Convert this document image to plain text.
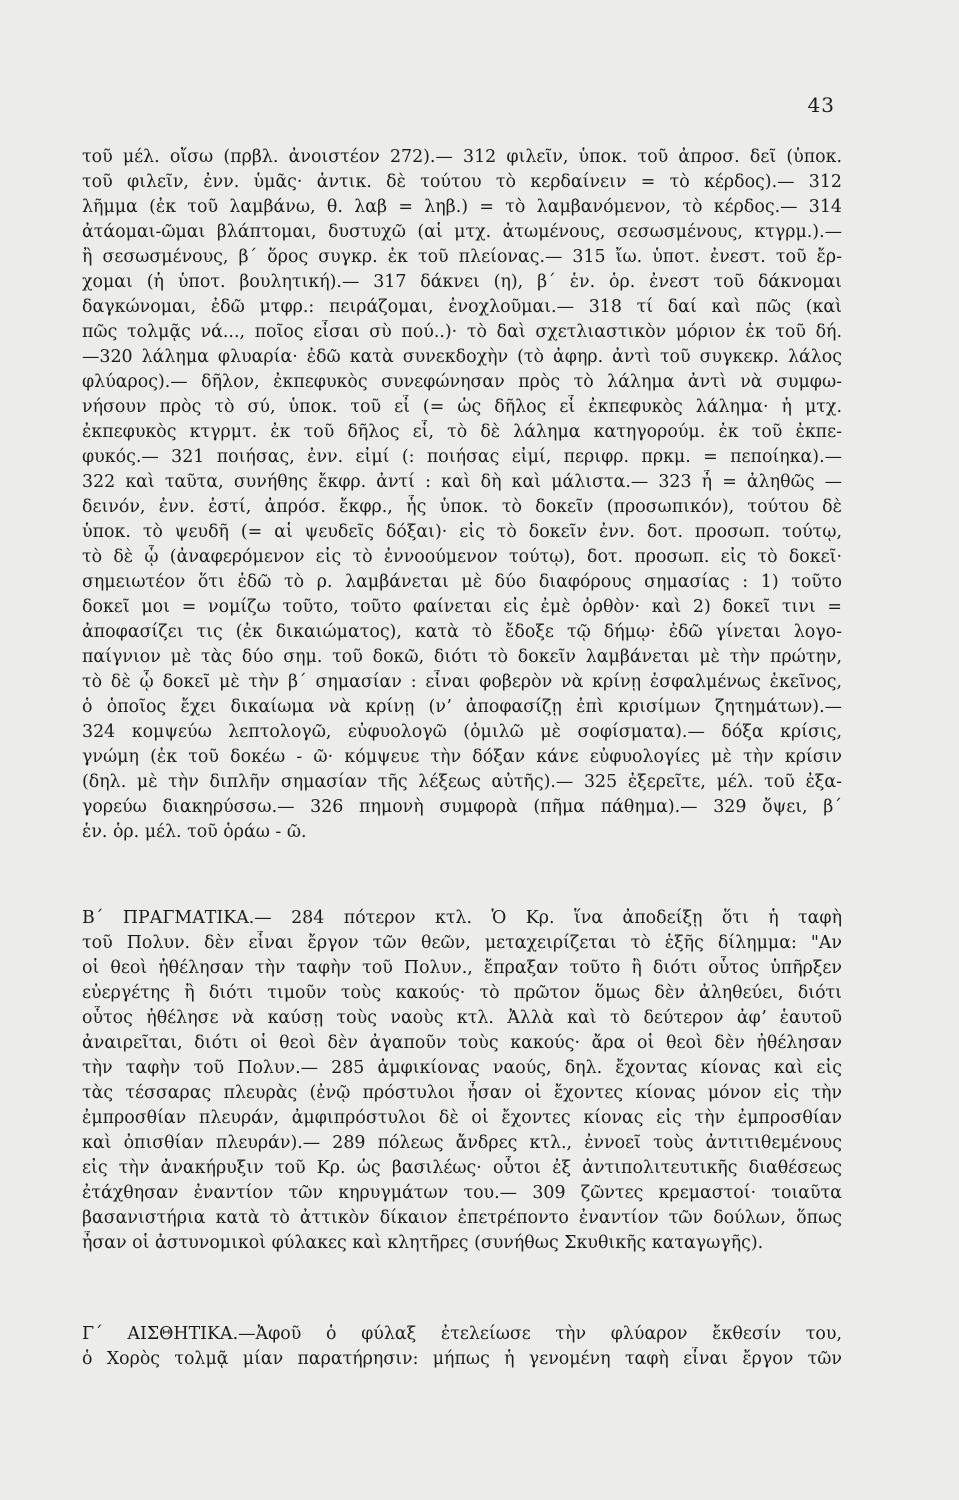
43
τοῦ μέλ. οἴσω (πρβλ. ἀνοιστέον 272).— 312 φιλεῖν, ὑποκ. τοῦ ἀπροσ. δεῖ (ὑποκ.
τοῦ φιλεῖν, ἐνν. ὑμᾶς· ἀντικ. δὲ τούτου τὸ κερδαίνειν = τὸ κέρδος).— 312
λῆμμα (ἐκ τοῦ λαμβάνω, θ. λαβ = ληβ.) = τὸ λαμβανόμενον, τὸ κέρδος.— 314
ἀτάομαι-ῶμαι βλάπτομαι, δυστυχῶ (αἱ μτχ. ἀτωμένους, σεσωσμένους, κτγρμ.).—
ἢ σεσωσμένους, β΄ ὅρος συγκρ. ἐκ τοῦ πλείονας.— 315 ἴω. ὑποτ. ἐνεστ. τοῦ ἔρ-
χομαι (ἡ ὑποτ. βουλητική).— 317 δάκνει (η), β΄ ἑν. ὁρ. ἐνεστ τοῦ δάκνομαι
δαγκώνομαι, ἐδῶ μτφρ.: πειράζομαι, ἐνοχλοῦμαι.— 318 τί δαί καὶ πῶς (καὶ
πῶς τολμᾷς νά..., ποῖος εἶσαι σὺ πού..)· τὸ δαὶ σχετλιαστικὸν μόριον ἐκ τοῦ δή.
—320 λάλημα φλυαρία· ἐδῶ κατὰ συνεκδοχὴν (τὸ ἀφηρ. ἀντὶ τοῦ συγκεκρ. λάλος
φλύαρος).— δῆλον, ἐκπεφυκὸς συνεφώνησαν πρὸς τὸ λάλημα ἀντὶ νὰ συμφω-
νήσουν πρὸς τὸ σύ, ὑποκ. τοῦ εἶ (= ὡς δῆλος εἶ ἐκπεφυκὸς λάλημα· ἡ μτχ.
ἐκπεφυκὸς κτγρμτ. ἐκ τοῦ δῆλος εἶ, τὸ δὲ λάλημα κατηγορούμ. ἐκ τοῦ ἐκπε-
φυκός.— 321 ποιήσας, ἐνν. εἰμί (: ποιήσας εἰμί, περιφρ. πρκμ. = πεποίηκα).—
322 καὶ ταῦτα, συνήθης ἔκφρ. ἀντί : καὶ δὴ καὶ μάλιστα.— 323 ἦ = ἀληθῶς —
δεινόν, ἐνν. ἐστί, ἀπρόσ. ἔκφρ., ἧς ὑποκ. τὸ δοκεῖν (προσωπικόν), τούτου δὲ
ὑποκ. τὸ ψευδῆ (= αἱ ψευδεῖς δόξαι)· εἰς τὸ δοκεῖν ἐνν. δοτ. προσωπ. τούτῳ,
τὸ δὲ ᾧ (ἀναφερόμενον εἰς τὸ ἐννοούμενον τούτῳ), δοτ. προσωπ. εἰς τὸ δοκεῖ·
σημειωτέον ὅτι ἐδῶ τὸ ρ. λαμβάνεται μὲ δύο διαφόρους σημασίας : 1) τοῦτο
δοκεῖ μοι = νομίζω τοῦτο, τοῦτο φαίνεται εἰς ἐμὲ ὀρθὸν· καὶ 2) δοκεῖ τινι =
ἀποφασίζει τις (ἐκ δικαιώματος), κατὰ τὸ ἔδοξε τῷ δήμῳ· ἐδῶ γίνεται λογο-
παίγνιον μὲ τὰς δύο σημ. τοῦ δοκῶ, διότι τὸ δοκεῖν λαμβάνεται μὲ τὴν πρώτην,
τὸ δὲ ᾧ δοκεῖ μὲ τὴν β΄ σημασίαν : εἶναι φοβερὸν νὰ κρίνῃ ἐσφαλμένως ἐκεῖνος,
ὁ ὁποῖος ἔχει δικαίωμα νὰ κρίνῃ (νʼ ἀποφασίζῃ ἐπὶ κρισίμων ζητημάτων).—
324 κομψεύω λεπτολογῶ, εὐφυολογῶ (ὁμιλῶ μὲ σοφίσματα).— δόξα κρίσις,
γνώμη (ἐκ τοῦ δοκέω - ῶ· κόμψευε τὴν δόξαν κάνε εὐφυολογίες μὲ τὴν κρίσιν
(δηλ. μὲ τὴν διπλῆν σημασίαν τῆς λέξεως αὐτῆς).— 325 ἐξερεῖτε, μέλ. τοῦ ἐξα-
γορεύω διακηρύσσω.— 326 πημονὴ συμφορὰ (πῆμα πάθημα).— 329 ὄψει, β΄
ἑν. ὁρ. μέλ. τοῦ ὁράω - ῶ.
Β΄ ΠΡΑΓΜΑΤΙΚΑ.— 284 πότερον κτλ. Ὁ Κρ. ἵνα ἀποδείξῃ ὅτι ἡ ταφὴ
τοῦ Πολυν. δὲν εἶναι ἔργον τῶν θεῶν, μεταχειρίζεται τὸ ἑξῆς δίλημμα: "Αν
οἱ θεοὶ ἠθέλησαν τὴν ταφὴν τοῦ Πολυν., ἔπραξαν τοῦτο ἢ διότι οὗτος ὑπῆρξεν
εὐεργέτης ἢ διότι τιμοῦν τοὺς κακούς· τὸ πρῶτον ὅμως δὲν ἀληθεύει, διότι
οὗτος ἠθέλησε νὰ καύσῃ τοὺς ναοὺς κτλ. Ἀλλὰ καὶ τὸ δεύτερον ἀφʼ ἑαυτοῦ
ἀναιρεῖται, διότι οἱ θεοὶ δὲν ἀγαποῦν τοὺς κακούς· ἄρα οἱ θεοὶ δὲν ἠθέλησαν
τὴν ταφὴν τοῦ Πολυν.— 285 ἀμφικίονας ναούς, δηλ. ἔχοντας κίονας καὶ εἰς
τὰς τέσσαρας πλευρὰς (ἐνῷ πρόστυλοι ἦσαν οἱ ἔχοντες κίονας μόνον εἰς τὴν
ἐμπροσθίαν πλευράν, ἀμφιπρόστυλοι δὲ οἱ ἔχοντες κίονας εἰς τὴν ἐμπροσθίαν
καὶ ὀπισθίαν πλευράν).— 289 πόλεως ἄνδρες κτλ., ἐννοεῖ τοὺς ἀντιτιθεμένους
εἰς τὴν ἀνακήρυξιν τοῦ Κρ. ὡς βασιλέως· οὗτοι ἐξ ἀντιπολιτευτικῆς διαθέσεως
ἐτάχθησαν ἐναντίον τῶν κηρυγμάτων του.— 309 ζῶντες κρεμαστοί· τοιαῦτα
βασανιστήρια κατὰ τὸ ἀττικὸν δίκαιον ἐπετρέποντο ἐναντίον τῶν δούλων, ὅπως
ἦσαν οἱ ἀστυνομικοὶ φύλακες καὶ κλητῆρες (συνήθως Σκυθικῆς καταγωγῆς).
Γ΄ ΑΙΣΘΗΤΙΚΑ.—Ἀφοῦ ὁ φύλαξ ἐτελείωσε τὴν φλύαρον ἔκθεσίν του,
ὁ Χορὸς τολμᾷ μίαν παρατήρησιν: μήπως ἡ γενομένη ταφὴ εἶναι ἔργον τῶν
